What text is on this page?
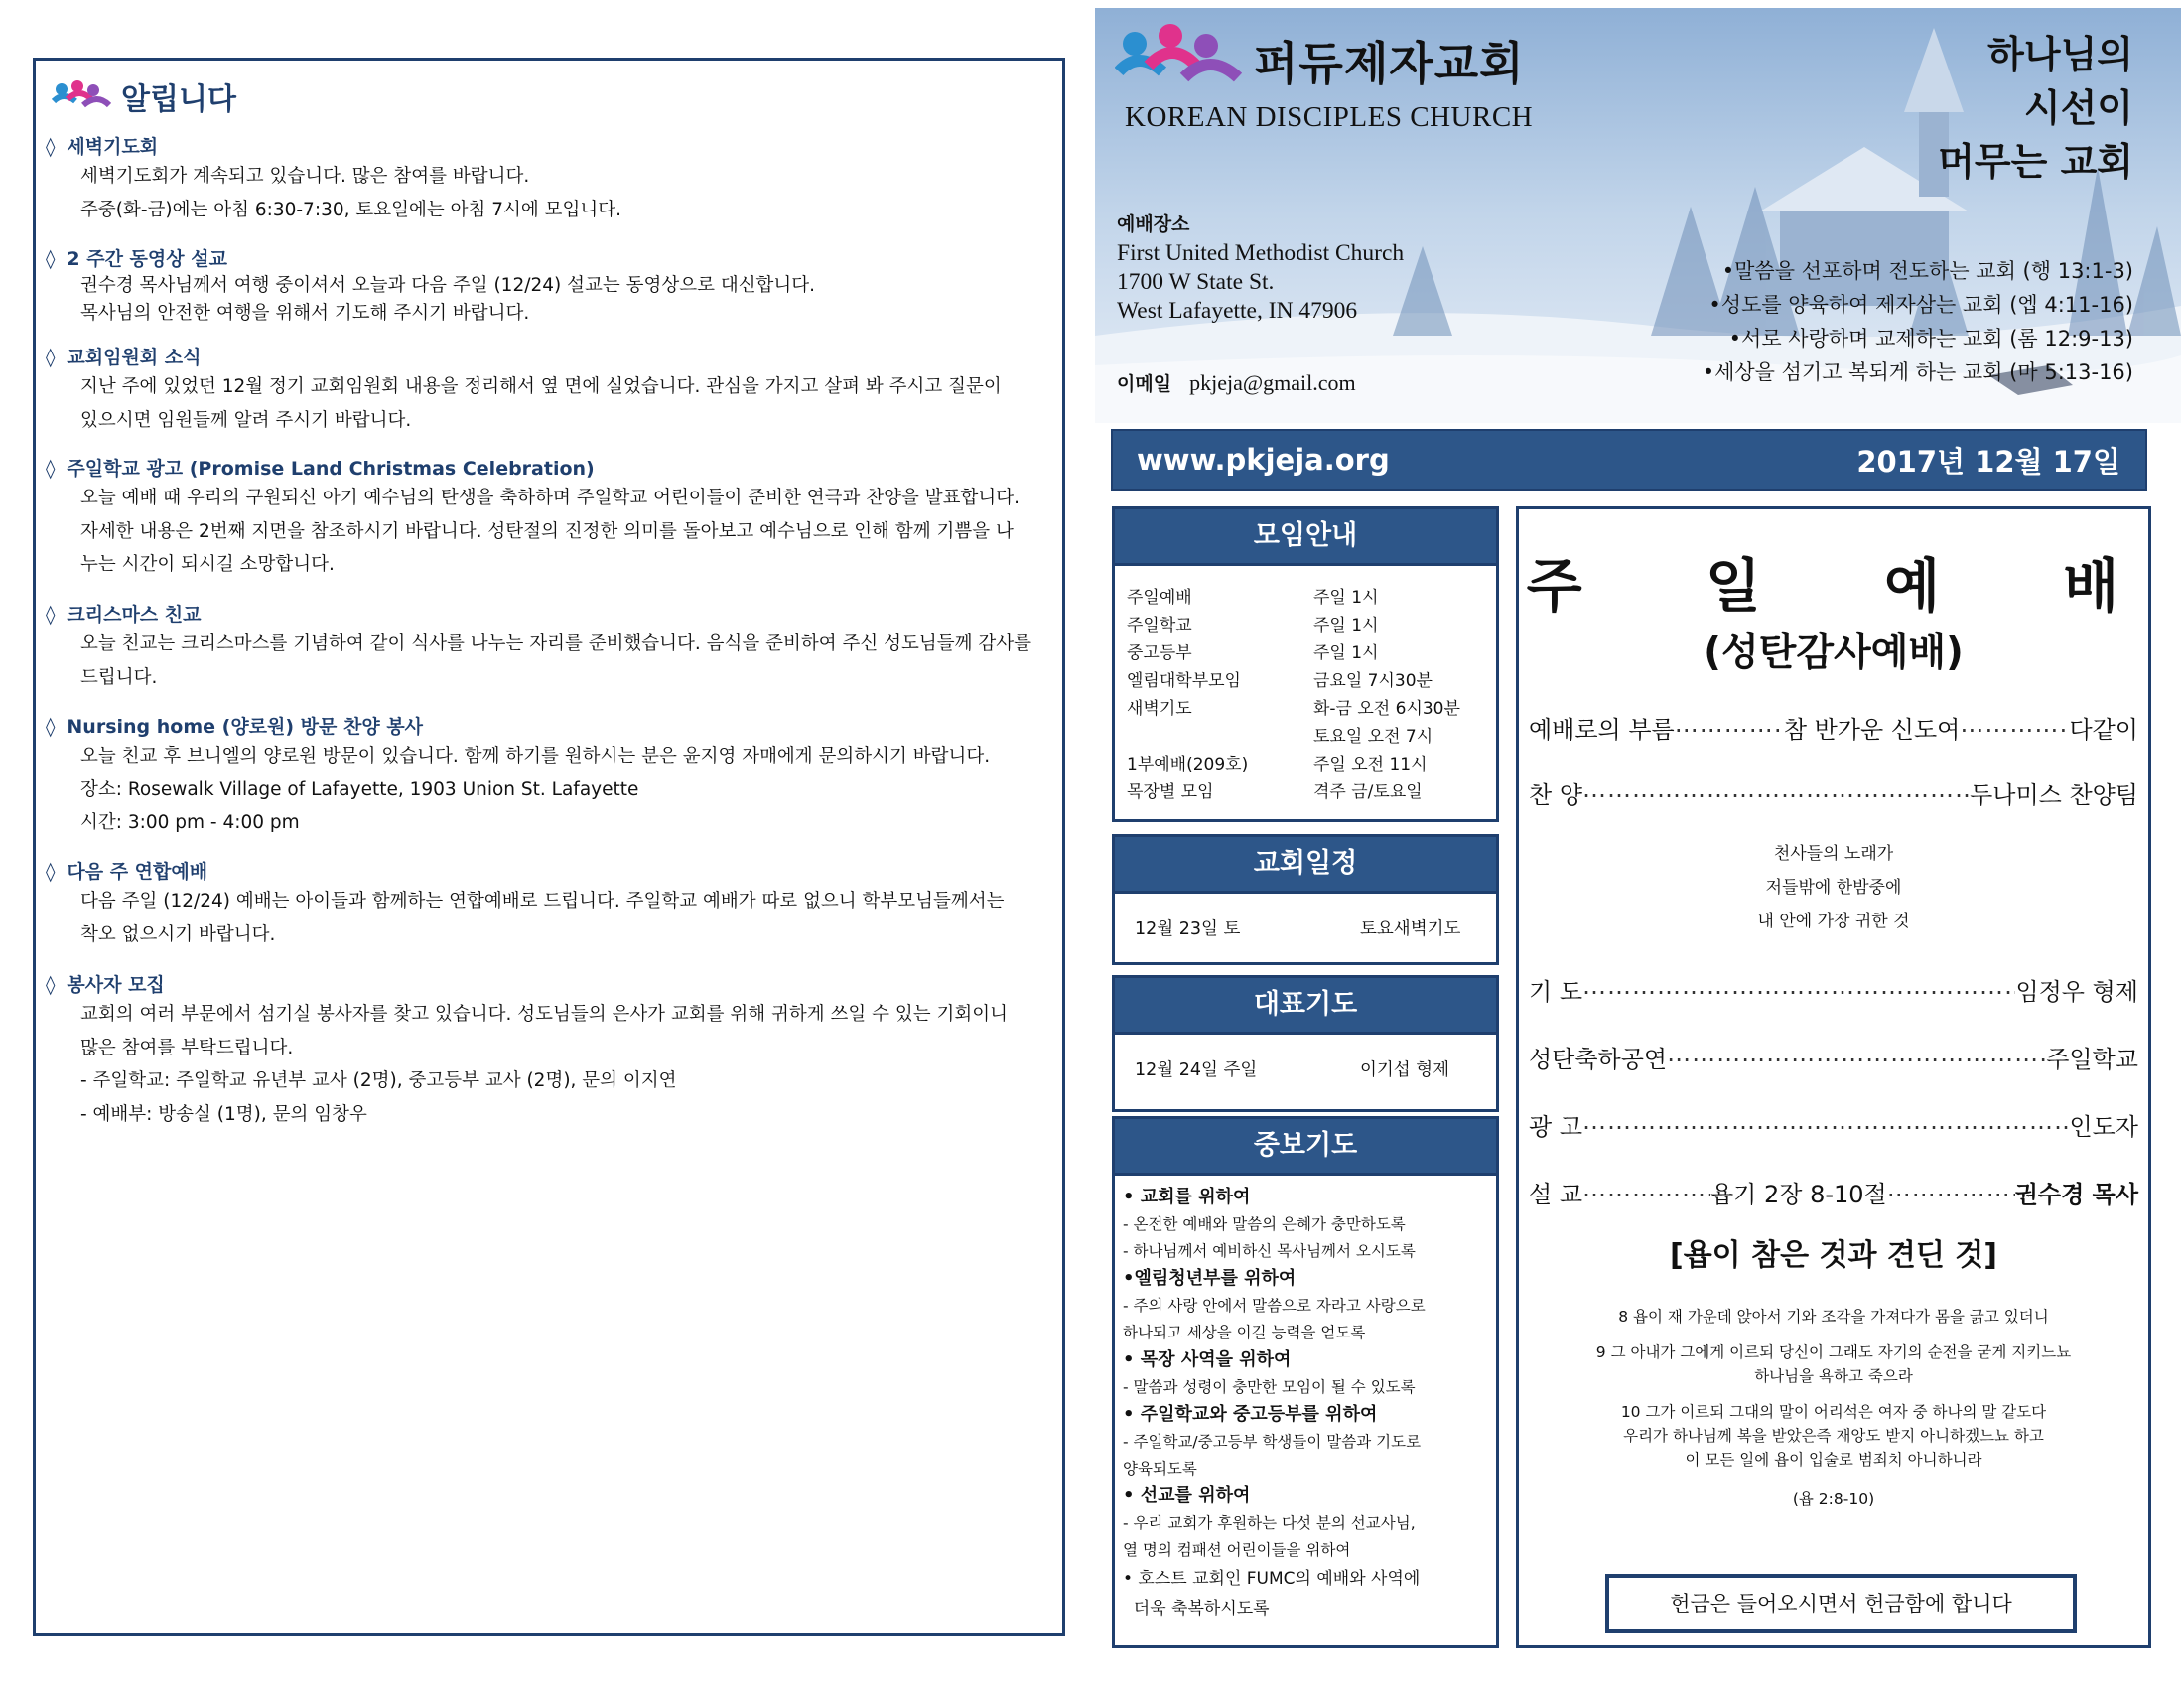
알립니다
◊ 세벽기도회
세벽기도회가 계속되고 있습니다. 많은 참여를 바랍니다.
주중(화-금)에는 아침 6:30-7:30, 토요일에는 아침 7시에 모입니다.
◊ 2 주간 동영상 설교
권수경 목사님께서 여행 중이셔서 오늘과 다음 주일 (12/24) 설교는 동영상으로 대신합니다.
목사님의 안전한 여행을 위해서 기도해 주시기 바랍니다.
◊ 교회임원회 소식
지난 주에 있었던 12월 정기 교회임원회 내용을 정리해서 옆 면에 실었습니다. 관심을 가지고 살펴 봐 주시고 질문이
있으시면 임원들께 알려 주시기 바랍니다.
◊ 주일학교 광고 (Promise Land Christmas Celebration)
오늘 예배 때 우리의 구원되신 아기 예수님의 탄생을 축하하며 주일학교 어린이들이 준비한 연극과 찬양을 발표합니다.
자세한 내용은 2번째 지면을 참조하시기 바랍니다. 성탄절의 진정한 의미를 돌아보고 예수님으로 인해 함께 기쁨을 나
누는 시간이 되시길 소망합니다.
◊ 크리스마스 친교
오늘 친교는 크리스마스를 기념하여 같이 식사를 나누는 자리를 준비했습니다. 음식을 준비하여 주신 성도님들께 감사를
드립니다.
◊ Nursing home (양로원) 방문 찬양 봉사
오늘 친교 후 브니엘의 양로원 방문이 있습니다. 함께 하기를 원하시는 분은 윤지영 자매에게 문의하시기 바랍니다.
장소: Rosewalk Village of Lafayette, 1903 Union St. Lafayette
시간: 3:00 pm - 4:00 pm
◊ 다음 주 연합예배
다음 주일 (12/24) 예배는 아이들과 함께하는 연합예배로 드립니다. 주일학교 예배가 따로 없으니 학부모님들께서는
착오 없으시기 바랍니다.
◊ 봉사자 모집
교회의 여러 부문에서 섬기실 봉사자를 찾고 있습니다. 성도님들의 은사가 교회를 위해 귀하게 쓰일 수 있는 기회이니
많은 참여를 부탁드립니다.
- 주일학교: 주일학교 유년부 교사 (2명), 중고등부 교사 (2명), 문의 이지연
- 예배부: 방송실 (1명), 문의 임창우
퍼듀제자교회
KOREAN DISCIPLES CHURCH
하나님의
시선이
머무는 교회
예배장소
First United Methodist Church
1700 W State St.
West Lafayette, IN 47906
이메일 pkjeja@gmail.com
•말씀을 선포하며 전도하는 교회 (행 13:1-3)
•성도를 양육하여 제자삼는 교회 (엡 4:11-16)
•서로 사랑하며 교제하는 교회 (롬 12:9-13)
•세상을 섬기고 복되게 하는 교회 (마 5:13-16)
www.pkjeja.org	2017년 12월 17일
모임안내
주일예배	주일 1시
주일학교	주일 1시
중고등부	주일 1시
엘림대학부모임	금요일 7시30분
새벽기도	화-금 오전 6시30분
토요일 오전 7시
1부예배(209호)	주일 오전 11시
목장별 모임	격주 금/토요일
교회일정
12월 23일 토	토요새벽기도
대표기도
12월 24일 주일	이기섭 형제
중보기도
• 교회를 위하여
- 온전한 예배와 말씀의 은혜가 충만하도록
- 하나님께서 예비하신 목사님께서 오시도록
•엘림청년부를 위하여
- 주의 사랑 안에서 말씀으로 자라고 사랑으로
하나되고 세상을 이길 능력을 얻도록
• 목장 사역을 위하여
- 말씀과 성령이 충만한 모임이 될 수 있도록
• 주일학교와 중고등부를 위하여
- 주일학교/중고등부 학생들이 말씀과 기도로
양육되도록
• 선교를 위하여
- 우리 교회가 후원하는 다섯 분의 선교사님,
열 명의 컴패션 어린이들을 위하여
• 호스트 교회인 FUMC의 예배와 사역에
더욱 축복하시도록
주 일 예 배
(성탄감사예배)
예배로의 부름 ……………………………………………………………………………………………………………………	참 반가운 신도여 ……………………………………………………………………………………………………………………	다같이
찬 양 ……………………………………………………………………………………………………………………	두나미스 찬양팀
천사들의 노래가
저들밖에 한밤중에
내 안에 가장 귀한 것
기 도 ……………………………………………………………………………………………………………………	임정우 형제
성탄축하공연 ……………………………………………………………………………………………………………………	주일학교
광 고 ……………………………………………………………………………………………………………………	인도자
설 교 ……………………………………………………………………………………………………………………	욥기 2장 8-10절 ……………………………………………………………………………………………………………………	권수경 목사
[욥이 참은 것과 견딘 것]
8 욥이 재 가운데 앉아서 기와 조각을 가져다가 몸을 긁고 있더니
9 그 아내가 그에게 이르되 당신이 그래도 자기의 순전을 굳게 지키느뇨
하나님을 욕하고 죽으라
10 그가 이르되 그대의 말이 어리석은 여자 중 하나의 말 같도다
우리가 하나님께 복을 받았은즉 재앙도 받지 아니하겠느뇨 하고
이 모든 일에 욥이 입술로 범죄치 아니하니라
(욥 2:8-10)
헌금은 들어오시면서 헌금함에 합니다
